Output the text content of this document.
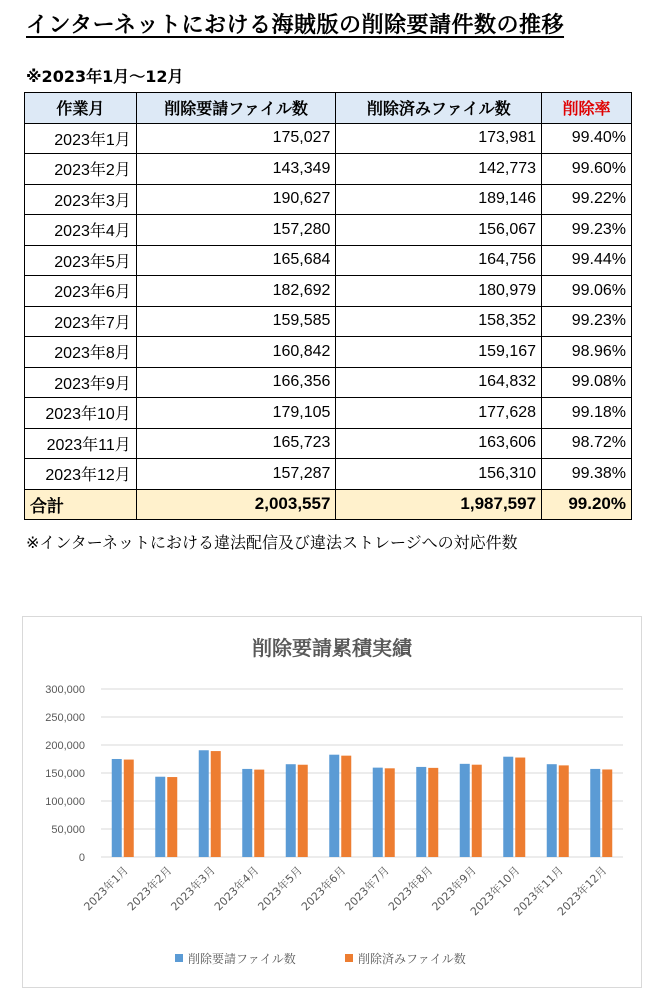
インターネットにおける海賊版の削除要請件数の推移
※2023年1月～12月
作業月	削除要請ファイル数	削除済みファイル数	削除率
2023年1月	175,027	173,981	99.40%
2023年2月	143,349	142,773	99.60%
2023年3月	190,627	189,146	99.22%
2023年4月	157,280	156,067	99.23%
2023年5月	165,684	164,756	99.44%
2023年6月	182,692	180,979	99.06%
2023年7月	159,585	158,352	99.23%
2023年8月	160,842	159,167	98.96%
2023年9月	166,356	164,832	99.08%
2023年10月	179,105	177,628	99.18%
2023年11月	165,723	163,606	98.72%
2023年12月	157,287	156,310	99.38%
合計	2,003,557	1,987,597	99.20%
※インターネットにおける違法配信及び違法ストレージへの対応件数
削除要請累積実績
0
50,000
100,000
150,000
200,000
250,000
300,000
2023年1月
2023年2月
2023年3月
2023年4月
2023年5月
2023年6月
2023年7月
2023年8月
2023年9月
2023年10月
2023年11月
2023年12月
削除要請ファイル数	削除済みファイル数
